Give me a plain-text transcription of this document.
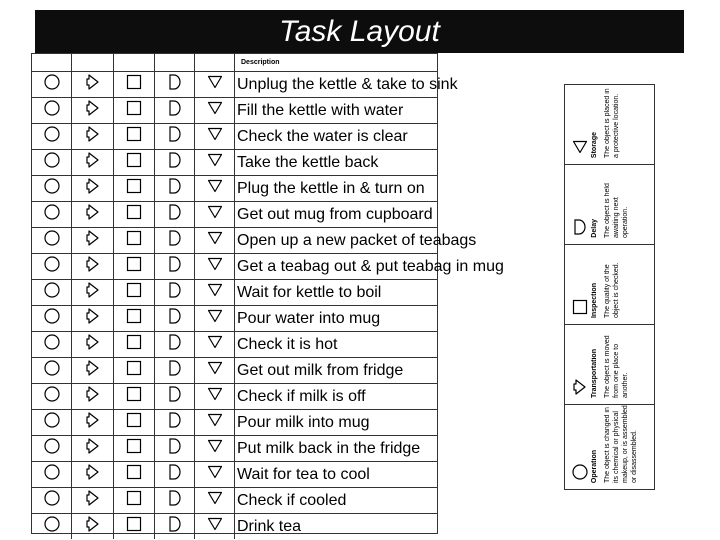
Task Layout
Description
Unplug the kettle & take to sink
Fill the kettle with water
Check the water is clear
Take the kettle back
Plug the kettle in & turn on
Get out mug from cupboard
Open up a new packet of teabags
Get a teabag out & put teabag in mug
Wait for kettle to boil
Pour water into mug
Check it is hot
Get out milk from fridge
Check if milk is off
Pour milk into mug
Put milk back in the fridge
Wait for tea to cool
Check if cooled
Drink tea
Storage The object is placed in a protective location.
Delay The object is held awaiting next operation.
Inspection The quality of the object is checked.
Transportation The object is moved from one place to another.
Operation The object is changed in its chemical or physical makeup, or is assembled or disassembled.
